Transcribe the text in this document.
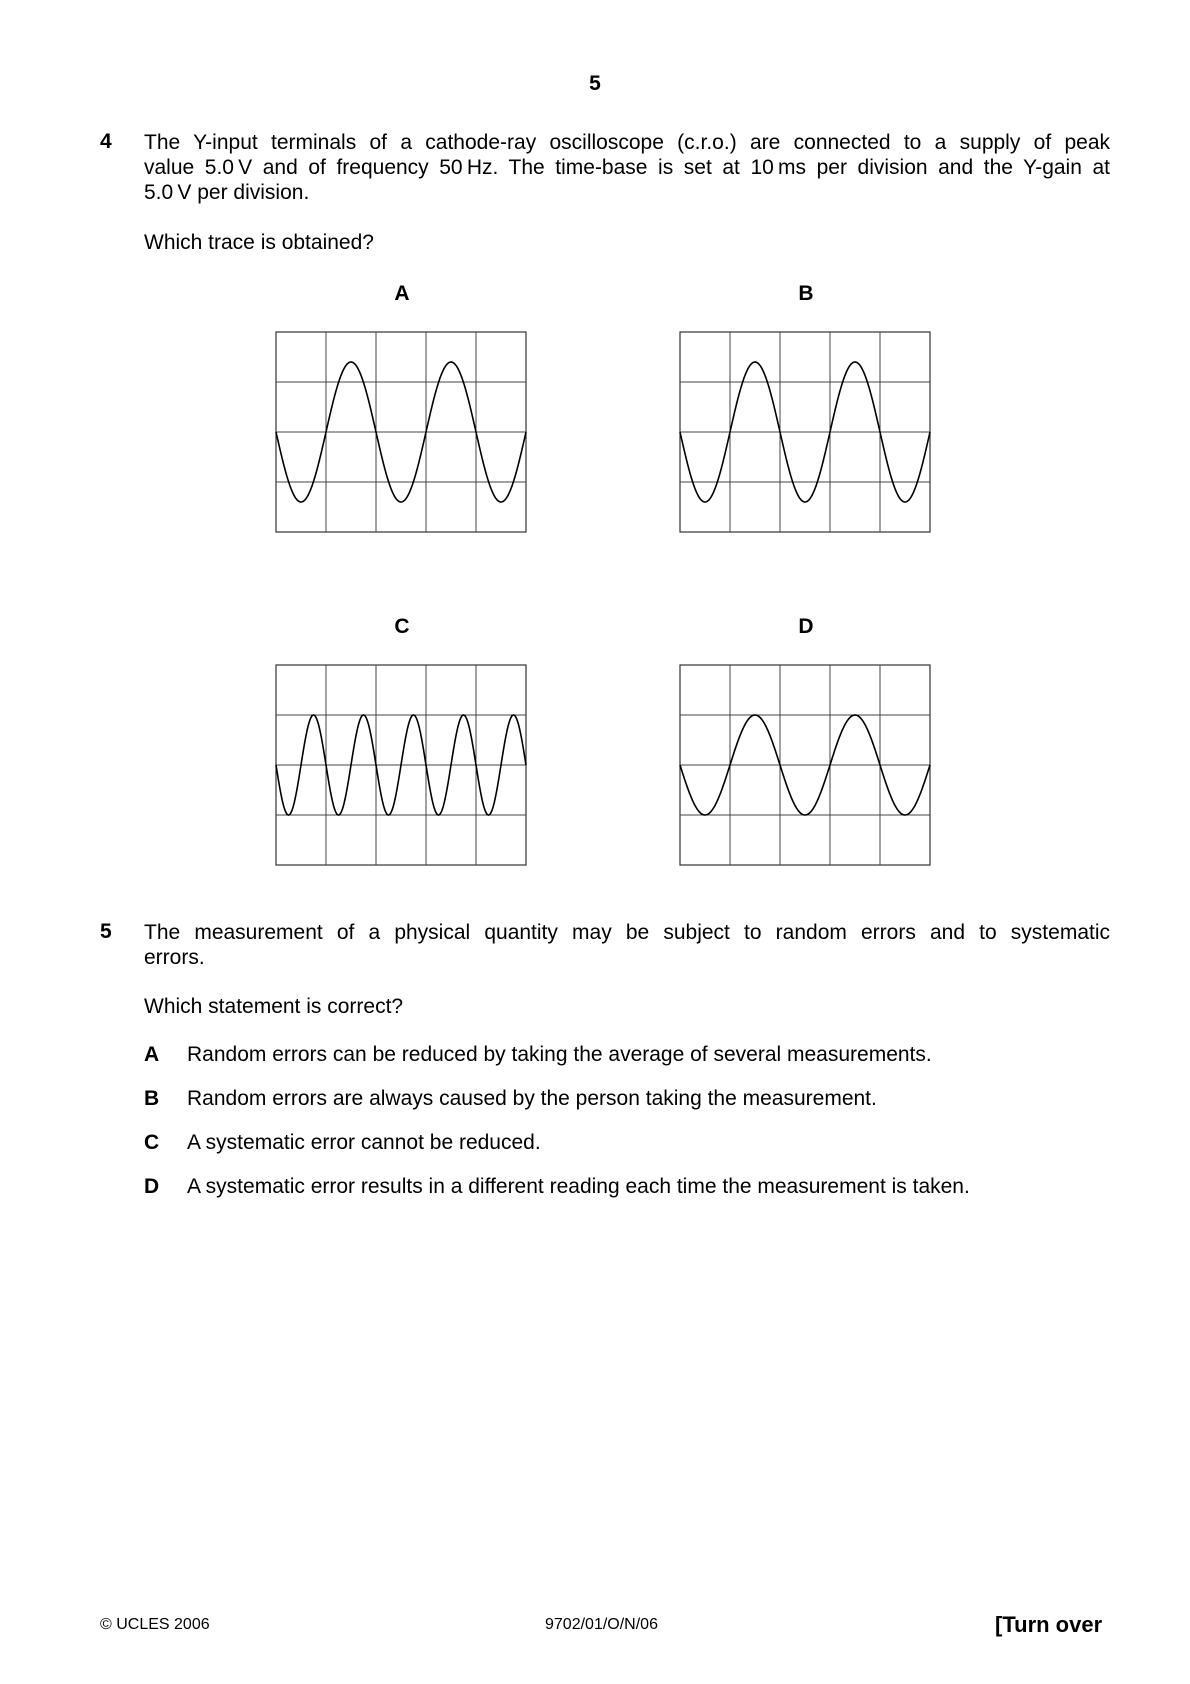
5
4 The Y-input terminals of a cathode-ray oscilloscope (c.r.o.) are connected to a supply of peak
value 5.0 V and of frequency 50 Hz. The time-base is set at 10 ms per division and the Y-gain at
5.0 V per division.
Which trace is obtained?
A	B
C	D
5 The measurement of a physical quantity may be subject to random errors and to systematic
errors.
Which statement is correct?
A Random errors can be reduced by taking the average of several measurements.
B Random errors are always caused by the person taking the measurement.
C A systematic error cannot be reduced.
D A systematic error results in a different reading each time the measurement is taken.
© UCLES 2006	9702/01/O/N/06	[Turn over
